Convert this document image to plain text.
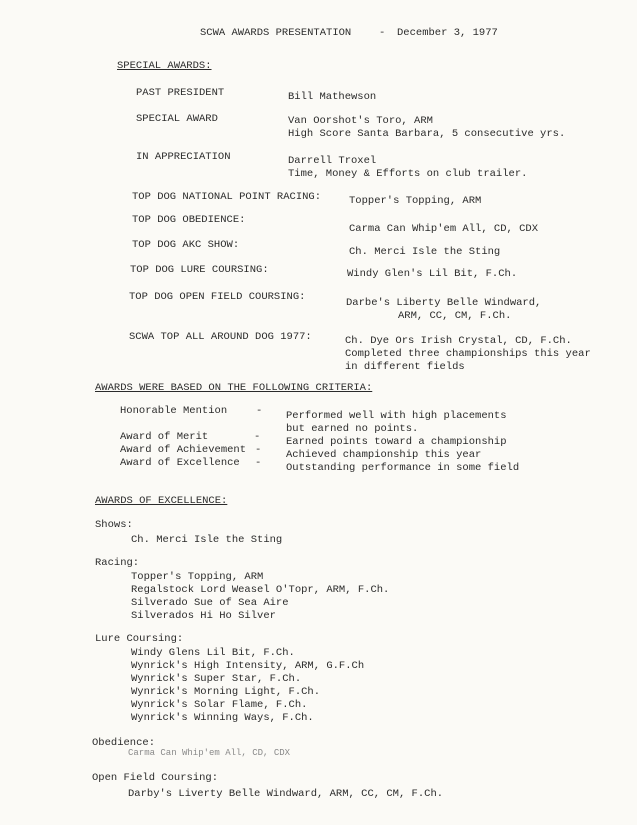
SCWA AWARDS PRESENTATION	- December 3, 1977
SPECIAL AWARDS:
PAST PRESIDENT	Bill Mathewson
SPECIAL AWARD	Van Oorshot's Toro, ARM
High Score Santa Barbara, 5 consecutive yrs.
IN APPRECIATION	Darrell Troxel
Time, Money & Efforts on club trailer.
TOP DOG NATIONAL POINT RACING:	Topper's Topping, ARM
TOP DOG OBEDIENCE:
Carma Can Whip'em All, CD, CDX
TOP DOG AKC SHOW:
Ch. Merci Isle the Sting
TOP DOG LURE COURSING:	Windy Glen's Lil Bit, F.Ch.
TOP DOG OPEN FIELD COURSING:	Darbe's Liberty Belle Windward,
ARM, CC, CM, F.Ch.
SCWA TOP ALL AROUND DOG 1977:	Ch. Dye Ors Irish Crystal, CD, F.Ch.
Completed three championships this year
in different fields
AWARDS WERE BASED ON THE FOLLOWING CRITERIA:
Honorable Mention	- Performed well with high placements
but earned no points.
Award of Merit	- Earned points toward a championship
Award of Achievement - Achieved championship this year
Award of Excellence - Outstanding performance in some field
AWARDS OF EXCELLENCE:
Shows:
Ch. Merci Isle the Sting
Racing:
Topper's Topping, ARM
Regalstock Lord Weasel O'Topr, ARM, F.Ch.
Silverado Sue of Sea Aire
Silverados Hi Ho Silver
Lure Coursing:
Windy Glens Lil Bit, F.Ch.
Wynrick's High Intensity, ARM, G.F.Ch
Wynrick's Super Star, F.Ch.
Wynrick's Morning Light, F.Ch.
Wynrick's Solar Flame, F.Ch.
Wynrick's Winning Ways, F.Ch.
Obedience:
Carma Can Whip'em All, CD, CDX
Open Field Coursing:
Darby's Liverty Belle Windward, ARM, CC, CM, F.Ch.
